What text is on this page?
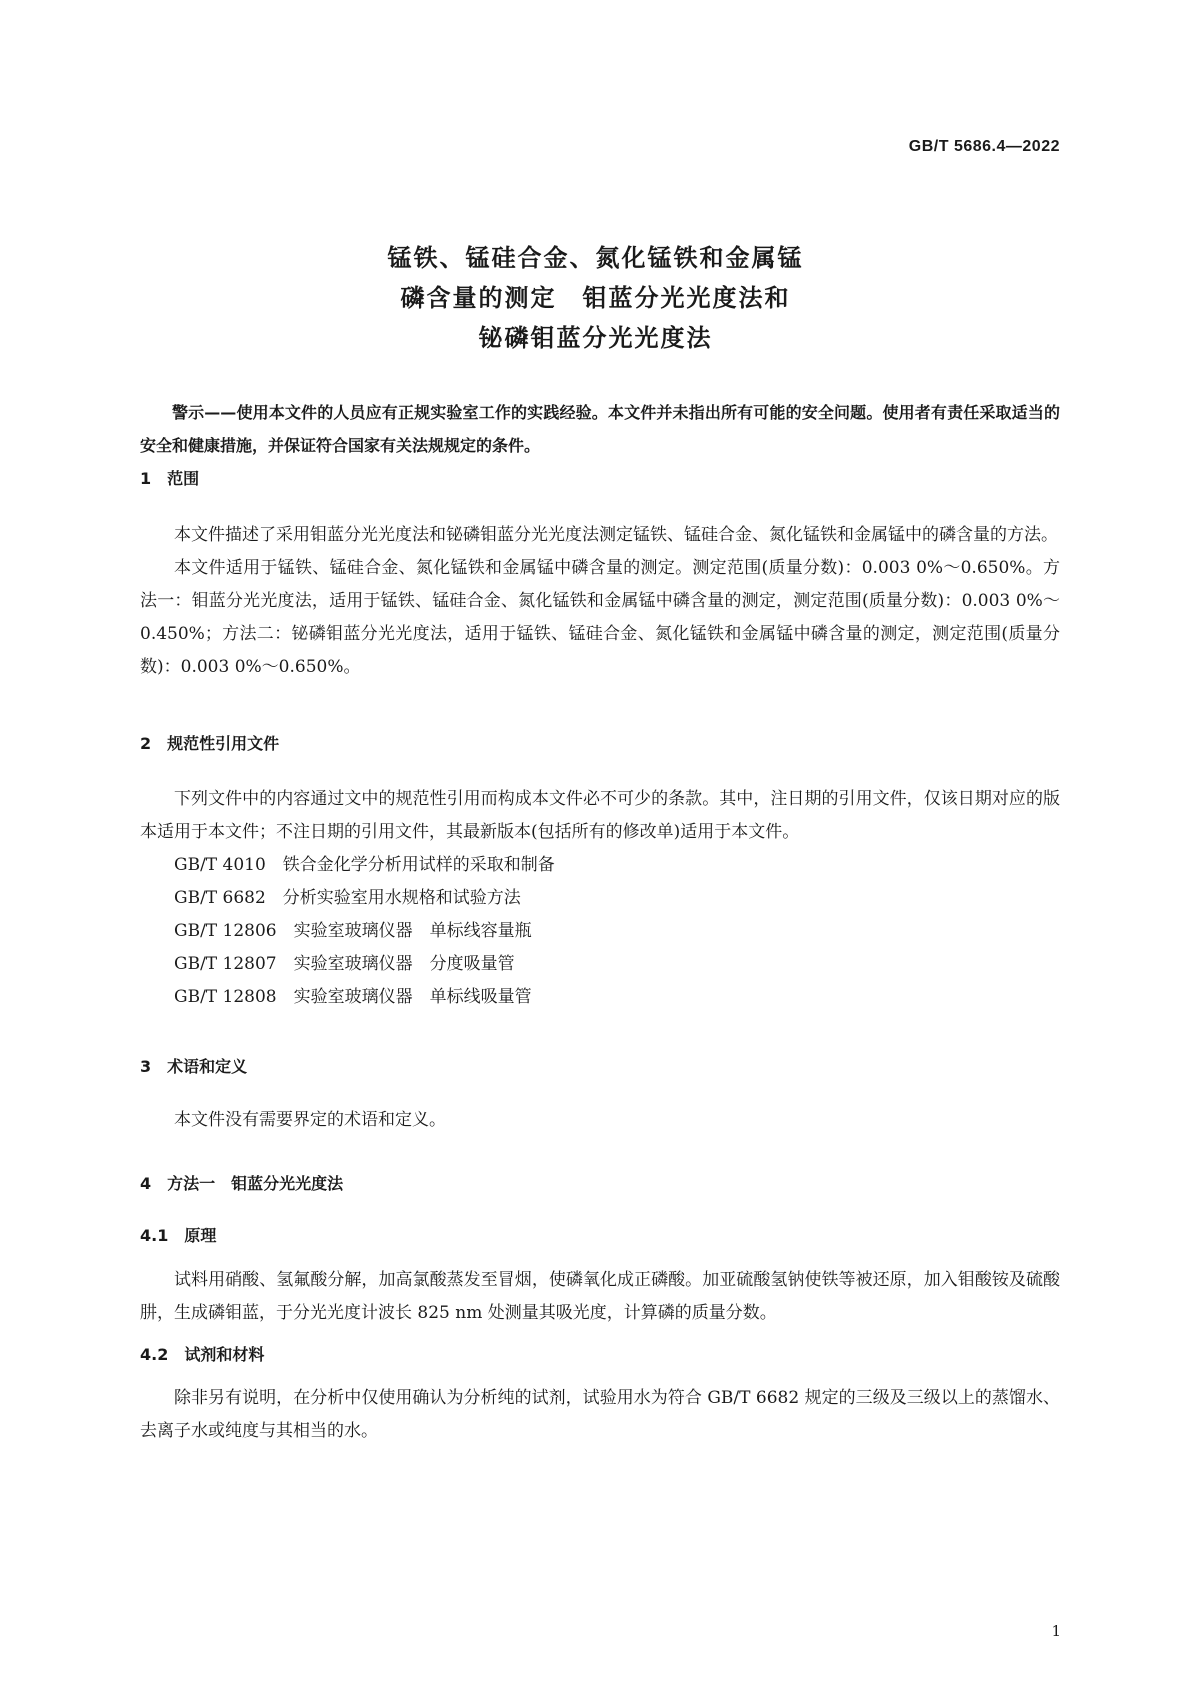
GB/T 5686.4—2022
锰铁、锰硅合金、氮化锰铁和金属锰
磷含量的测定　钼蓝分光光度法和
铋磷钼蓝分光光度法
警示——使用本文件的人员应有正规实验室工作的实践经验。本文件并未指出所有可能的安全问题。使用者有责任采取适当的安全和健康措施，并保证符合国家有关法规规定的条件。
1　范围

本文件描述了采用钼蓝分光光度法和铋磷钼蓝分光光度法测定锰铁、锰硅合金、氮化锰铁和金属锰中的磷含量的方法。

本文件适用于锰铁、锰硅合金、氮化锰铁和金属锰中磷含量的测定。测定范围(质量分数)：0.003 0%～0.650%。方法一：钼蓝分光光度法，适用于锰铁、锰硅合金、氮化锰铁和金属锰中磷含量的测定，测定范围(质量分数)：0.003 0%～0.450%；方法二：铋磷钼蓝分光光度法，适用于锰铁、锰硅合金、氮化锰铁和金属锰中磷含量的测定，测定范围(质量分数)：0.003 0%～0.650%。

2　规范性引用文件

下列文件中的内容通过文中的规范性引用而构成本文件必不可少的条款。其中，注日期的引用文件，仅该日期对应的版本适用于本文件；不注日期的引用文件，其最新版本(包括所有的修改单)适用于本文件。

GB/T 4010　铁合金化学分析用试样的采取和制备
GB/T 6682　分析实验室用水规格和试验方法
GB/T 12806　实验室玻璃仪器　单标线容量瓶
GB/T 12807　实验室玻璃仪器　分度吸量管
GB/T 12808　实验室玻璃仪器　单标线吸量管
3　术语和定义

本文件没有需要界定的术语和定义。

4　方法一　钼蓝分光光度法
4.1　原理

试料用硝酸、氢氟酸分解，加高氯酸蒸发至冒烟，使磷氧化成正磷酸。加亚硫酸氢钠使铁等被还原，加入钼酸铵及硫酸肼，生成磷钼蓝，于分光光度计波长 825 nm 处测量其吸光度，计算磷的质量分数。

4.2　试剂和材料

除非另有说明，在分析中仅使用确认为分析纯的试剂，试验用水为符合 GB/T 6682 规定的三级及三级以上的蒸馏水、去离子水或纯度与其相当的水。

1
